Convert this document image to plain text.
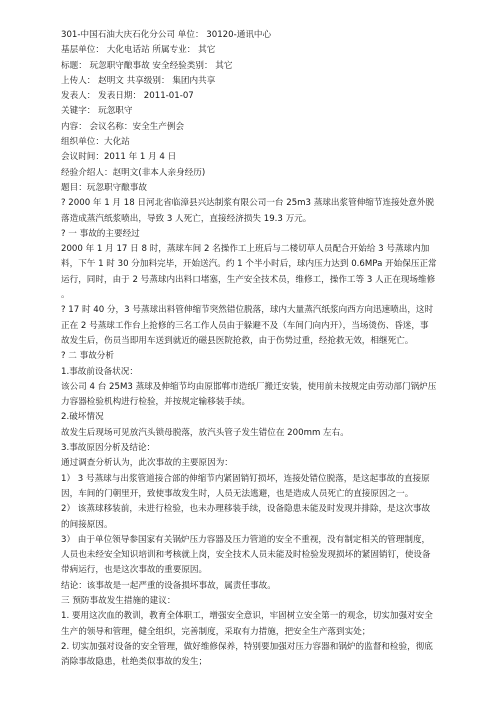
301-中国石油大庆石化分公司 单位： 30120-通讯中心
基层单位： 大化电话站 所属专业： 其它
标题： 玩忽职守酿事故 安全经验类别： 其它
上传人： 赵明文 共享级别： 集团内共享
发表人： 发表日期： 2011-01-07
关键字： 玩忽职守
内容： 会议名称：安全生产例会
组织单位：大化站
会议时间：2011 年 1 月 4 日
经验介绍人：赵明文(非本人亲身经历)
题目：玩忽职守酿事故
? 2000 年 1 月 18 日河北省临漳县兴达制浆有限公司一台 25m3 蒸球出浆管伸缩节连接处意外脱落造成蒸汽纸浆喷出，导致 3 人死亡，直接经济损失 19.3 万元。
? 一 事故的主要经过
2000 年 1 月 17 日 8 时，蒸球车间 2 名操作工上班后与二楼切草人员配合开始给 3 号蒸球内加料，下午 1 时 30 分加料完毕，开始送汽。约 1 个半小时后，球内压力达到 0.6MPa 开始保压正常运行，同时，由于 2 号蒸球内出料口堵塞，生产安全技术员，维修工，操作工等 3 人正在现场维修 。
? 17 时 40 分，3 号蒸球出料管伸缩节突然错位脱落，球内大量蒸汽纸浆向西方向迅速喷出，这时正在 2 号蒸球工作台上抢修的三名工作人员由于躲避不及（车间门向内开），当场烫伤、昏迷，事故发生后，伤员当即用车送到就近的磁县医院抢救，由于伤势过重，经抢救无效，相继死亡。
? 二 事故分析
1.事故前设备状况：
该公司 4 台 25M3 蒸球及伸缩节均由原邯郸市造纸厂搬迁安装，使用前未按规定由劳动部门锅炉压力容器检验机构进行检验，并按规定输移装手续。
2.破坏情况
故发生后现场可见放汽头锁母脱落，放汽头管子发生错位在 200mm 左右。
3.事故原因分析及结论：
通过调查分析认为，此次事故的主要原因为：
1） 3 号蒸球与出浆管道接合部的伸缩节内紧固销钉损坏，连接处错位脱落，是这起事故的直接原因，车间的门朝里开，致使事故发生时，人员无法逃避，也是造成人员死亡的直接原因之一。
2） 该蒸球移装前，未进行检验，也未办理移装手续，设备隐患未能及时发现并排除，是这次事故的间接原因。
3） 由于单位领导参国家有关锅炉压力容器及压力管道的安全不重视，没有制定相关的管理制度，人员也未经安全知识培训和考核就上岗，安全技术人员未能及时检验发现损坏的紧固销钉，使设备带病运行，也是这次事故的重要原因。
结论：该事故是一起严重的设备损坏事故，属责任事故。
三 预防事故发生措施的建议：
1. 要用这次血的教训，教育全体职工，增强安全意识，牢固树立安全第一的观念，切实加强对安全生产的领导和管理，健全组织，完善制度，采取有力措施，把安全生产落到实处；
2. 切实加强对设备的安全管理，做好维修保养，特别要加强对压力容器和锅炉的监督和检验，彻底消除事故隐患，杜绝类似事故的发生；
